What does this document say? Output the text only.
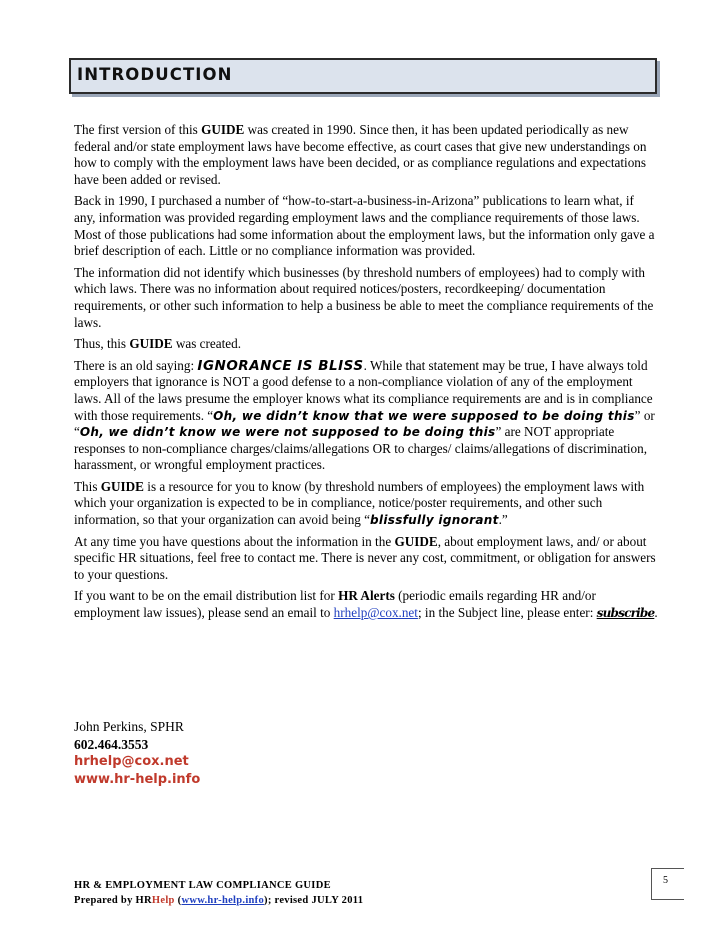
INTRODUCTION

The first version of this GUIDE was created in 1990. Since then, it has been updated periodically as new federal and/or state employment laws have become effective, as court cases that give new understandings on how to comply with the employment laws have been decided, or as compliance regulations and expectations have been added or revised.

Back in 1990, I purchased a number of “how-to-start-a-business-in-Arizona” publications to learn what, if any, information was provided regarding employment laws and the compliance requirements of those laws. Most of those publications had some information about the employment laws, but the information only gave a brief description of each. Little or no compliance information was provided.

The information did not identify which businesses (by threshold numbers of employees) had to comply with which laws. There was no information about required notices/posters, recordkeeping/ documentation requirements, or other such information to help a business be able to meet the compliance requirements of the laws.

Thus, this GUIDE was created.

There is an old saying: IGNORANCE IS BLISS. While that statement may be true, I have always told employers that ignorance is NOT a good defense to a non-compliance violation of any of the employment laws. All of the laws presume the employer knows what its compliance requirements are and is in compliance with those requirements. “Oh, we didn’t know that we were supposed to be doing this” or “Oh, we didn’t know we were not supposed to be doing this” are NOT appropriate responses to non-compliance charges/claims/allegations OR to charges/ claims/allegations of discrimination, harassment, or wrongful employment practices.

This GUIDE is a resource for you to know (by threshold numbers of employees) the employment laws with which your organization is expected to be in compliance, notice/poster requirements, and other such information, so that your organization can avoid being “blissfully ignorant.”

At any time you have questions about the information in the GUIDE, about employment laws, and/ or about specific HR situations, feel free to contact me. There is never any cost, commitment, or obligation for answers to your questions.

If you want to be on the email distribution list for HR Alerts (periodic emails regarding HR and/or employment law issues), please send an email to hrhelp@cox.net; in the Subject line, please enter: subscribe.

John Perkins, SPHR
602.464.3553
hrhelp@cox.net
www.hr-help.info
HR & EMPLOYMENT LAW COMPLIANCE GUIDE
Prepared by HRHelp (www.hr-help.info); revised JULY 2011
5
